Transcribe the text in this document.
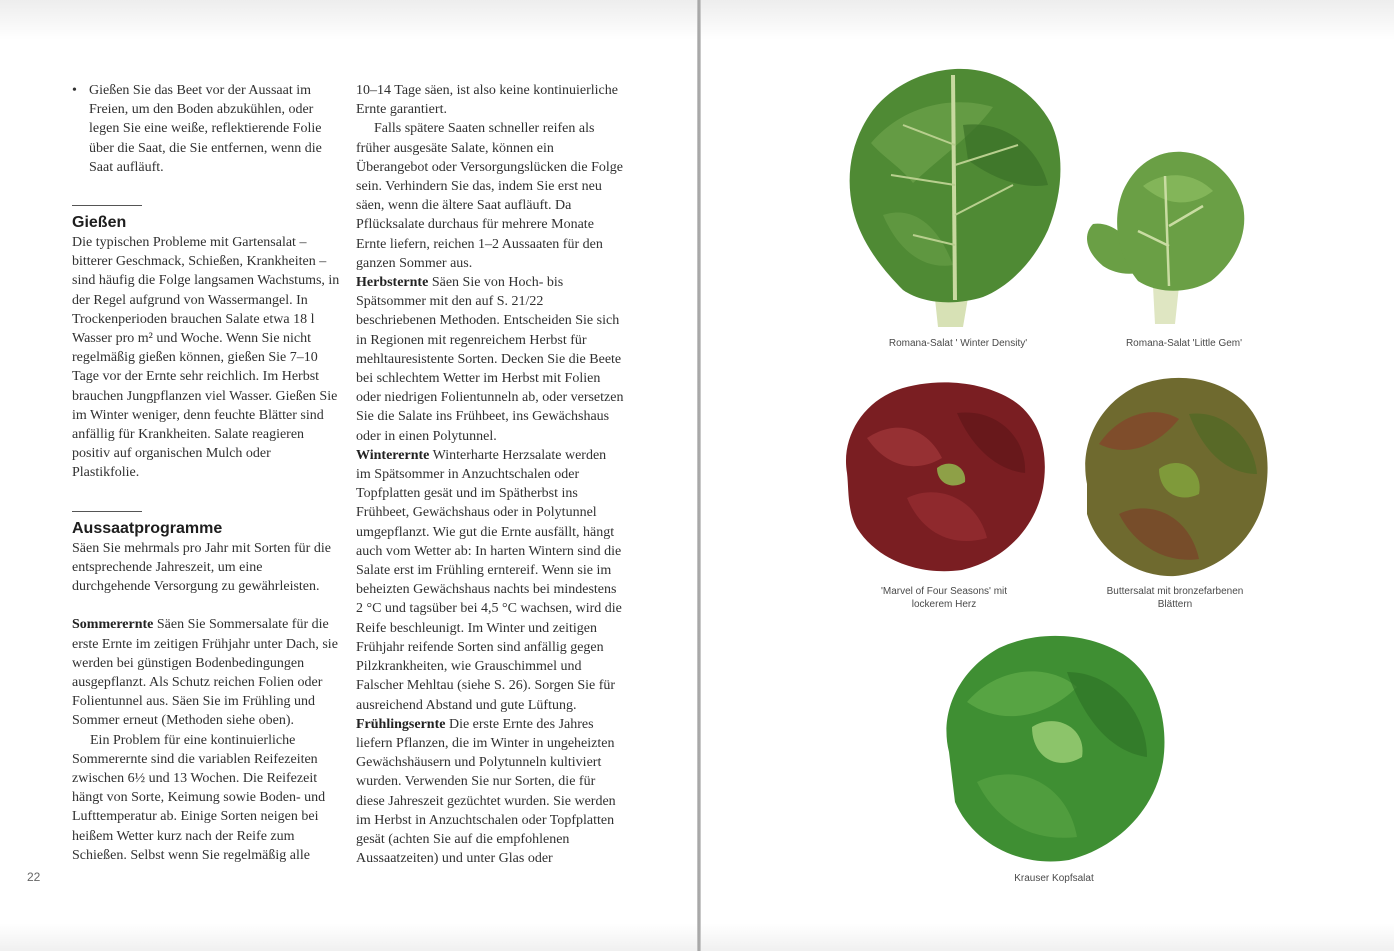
• Gießen Sie das Beet vor der Aussaat im Freien, um den Boden abzukühlen, oder legen Sie eine weiße, reflektierende Folie über die Saat, die Sie entfernen, wenn die Saat aufläuft.

Gießen

Die typischen Probleme mit Gartensalat – bitterer Geschmack, Schießen, Krankheiten – sind häufig die Folge langsamen Wachstums, in der Regel aufgrund von Wassermangel. In Trockenperioden brauchen Salate etwa 18 l Wasser pro m² und Woche. Wenn Sie nicht regelmäßig gießen können, gießen Sie 7–10 Tage vor der Ernte sehr reichlich. Im Herbst brauchen Jungpflanzen viel Wasser. Gießen Sie im Winter weniger, denn feuchte Blätter sind anfällig für Krankheiten. Salate reagieren positiv auf organischen Mulch oder Plastikfolie.

Aussaatprogramme

Säen Sie mehrmals pro Jahr mit Sorten für die entsprechende Jahreszeit, um eine durchgehende Versorgung zu gewährleisten.

Sommerernte Säen Sie Sommersalate für die erste Ernte im zeitigen Frühjahr unter Dach, sie werden bei günstigen Bodenbedingungen ausgepflanzt. Als Schutz reichen Folien oder Folientunnel aus. Säen Sie im Frühling und Sommer erneut (Methoden siehe oben).

Ein Problem für eine kontinuierliche Sommerernte sind die variablen Reifezeiten zwischen 6½ und 13 Wochen. Die Reifezeit hängt von Sorte, Keimung sowie Boden- und Lufttemperatur ab. Einige Sorten neigen bei heißem Wetter kurz nach der Reife zum Schießen. Selbst wenn Sie regelmäßig alle

10–14 Tage säen, ist also keine kontinuierliche Ernte garantiert.

Falls spätere Saaten schneller reifen als früher ausgesäte Salate, können ein Überangebot oder Versorgungslücken die Folge sein. Verhindern Sie das, indem Sie erst neu säen, wenn die ältere Saat aufläuft. Da Pflücksalate durchaus für mehrere Monate Ernte liefern, reichen 1–2 Aussaaten für den ganzen Sommer aus.

Herbsternte Säen Sie von Hoch- bis Spätsommer mit den auf S. 21/22 beschriebenen Methoden. Entscheiden Sie sich in Regionen mit regenreichem Herbst für mehltauresistente Sorten. Decken Sie die Beete bei schlechtem Wetter im Herbst mit Folien oder niedrigen Folientunneln ab, oder versetzen Sie die Salate ins Frühbeet, ins Gewächshaus oder in einen Polytunnel.

Winterernte Winterharte Herzsalate werden im Spätsommer in Anzuchtschalen oder Topfplatten gesät und im Spätherbst ins Frühbeet, Gewächshaus oder in Polytunnel umgepflanzt. Wie gut die Ernte ausfällt, hängt auch vom Wetter ab: In harten Wintern sind die Salate erst im Frühling erntereif. Wenn sie im beheizten Gewächshaus nachts bei mindestens 2 °C und tagsüber bei 4,5 °C wachsen, wird die Reife beschleunigt. Im Winter und zeitigen Frühjahr reifende Sorten sind anfällig gegen Pilzkrankheiten, wie Grauschimmel und Falscher Mehltau (siehe S. 26). Sorgen Sie für ausreichend Abstand und gute Lüftung.

Frühlingsernte Die erste Ernte des Jahres liefern Pflanzen, die im Winter in ungeheizten Gewächshäusern und Polytunneln kultiviert wurden. Verwenden Sie nur Sorten, die für diese Jahreszeit gezüchtet wurden. Sie werden im Herbst in Anzuchtschalen oder Topfplatten gesät (achten Sie auf die empfohlenen Aussaatzeiten) und unter Glas oder

22
Romana-Salat ' Winter Density'	Romana-Salat 'Little Gem'
'Marvel of Four Seasons' mit
lockerem Herz
Buttersalat mit bronzefarbenen
Blättern
Krauser Kopfsalat
